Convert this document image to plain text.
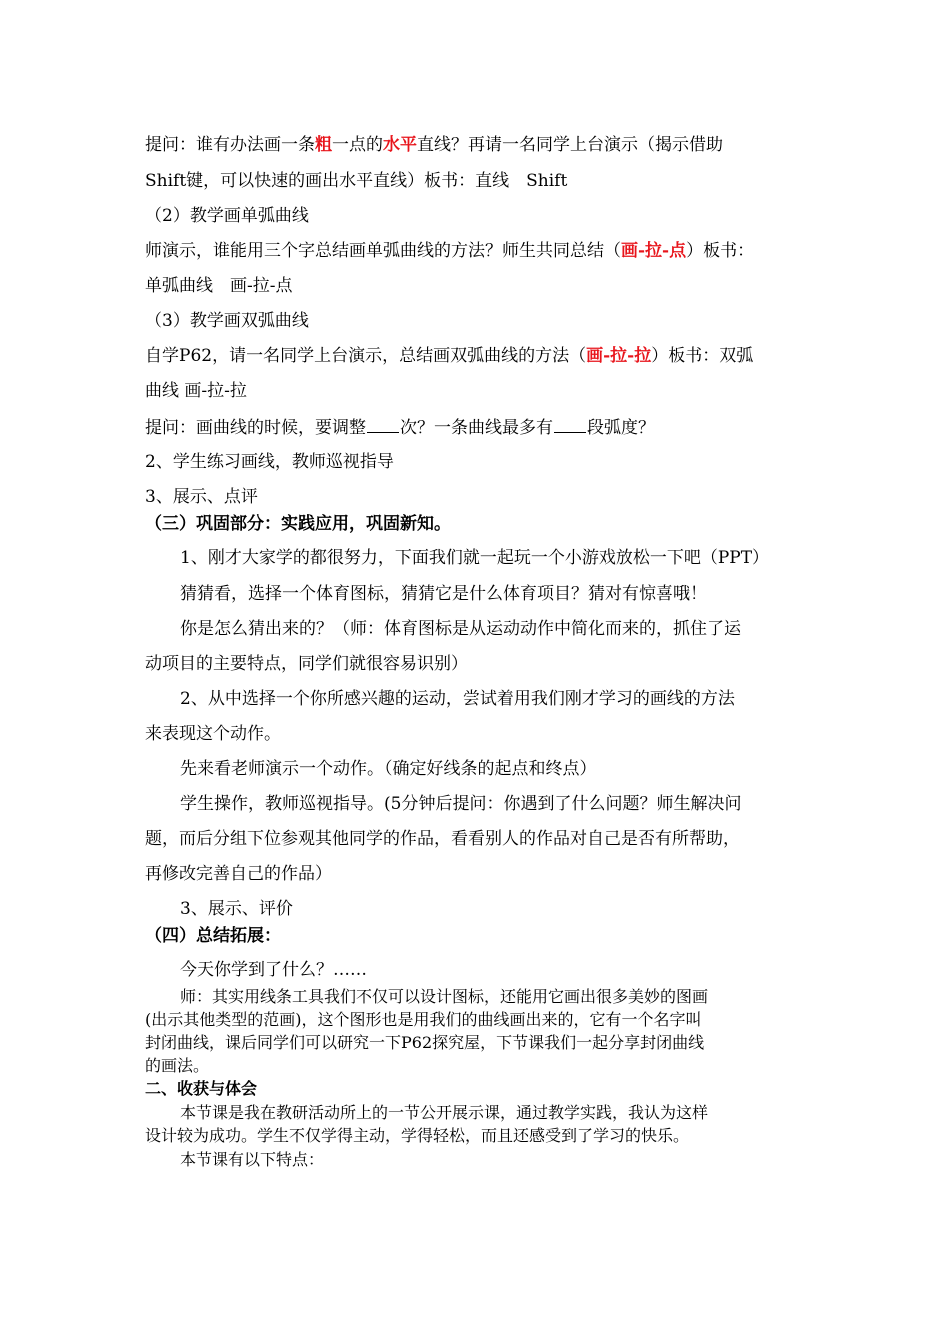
提问：谁有办法画一条粗一点的水平直线？再请一名同学上台演示（揭示借助
Shift键，可以快速的画出水平直线）板书：直线　Shift
（2）教学画单弧曲线
师演示，谁能用三个字总结画单弧曲线的方法？师生共同总结（画-拉-点）板书：
单弧曲线　画-拉-点
（3）教学画双弧曲线
自学P62，请一名同学上台演示，总结画双弧曲线的方法（画-拉-拉）板书：双弧
曲线 画-拉-拉
提问：画曲线的时候，要调整 次？一条曲线最多有 段弧度？
2、学生练习画线，教师巡视指导
3、展示、点评
（三）巩固部分：实践应用，巩固新知。
1、刚才大家学的都很努力，下面我们就一起玩一个小游戏放松一下吧（PPT）
猜猜看，选择一个体育图标，猜猜它是什么体育项目？猜对有惊喜哦！
你是怎么猜出来的？（师：体育图标是从运动动作中简化而来的，抓住了运
动项目的主要特点，同学们就很容易识别）
2、从中选择一个你所感兴趣的运动，尝试着用我们刚才学习的画线的方法
来表现这个动作。
先来看老师演示一个动作。（确定好线条的起点和终点）
学生操作，教师巡视指导。(5分钟后提问：你遇到了什么问题？师生解决问
题，而后分组下位参观其他同学的作品，看看别人的作品对自己是否有所帮助，
再修改完善自己的作品）
3、展示、评价
（四）总结拓展：
今天你学到了什么？……
师：其实用线条工具我们不仅可以设计图标，还能用它画出很多美妙的图画
(出示其他类型的范画)，这个图形也是用我们的曲线画出来的，它有一个名字叫
封闭曲线，课后同学们可以研究一下P62探究屋，下节课我们一起分享封闭曲线
的画法。
二、收获与体会
本节课是我在教研活动所上的一节公开展示课，通过教学实践，我认为这样
设计较为成功。学生不仅学得主动，学得轻松，而且还感受到了学习的快乐。
本节课有以下特点：
